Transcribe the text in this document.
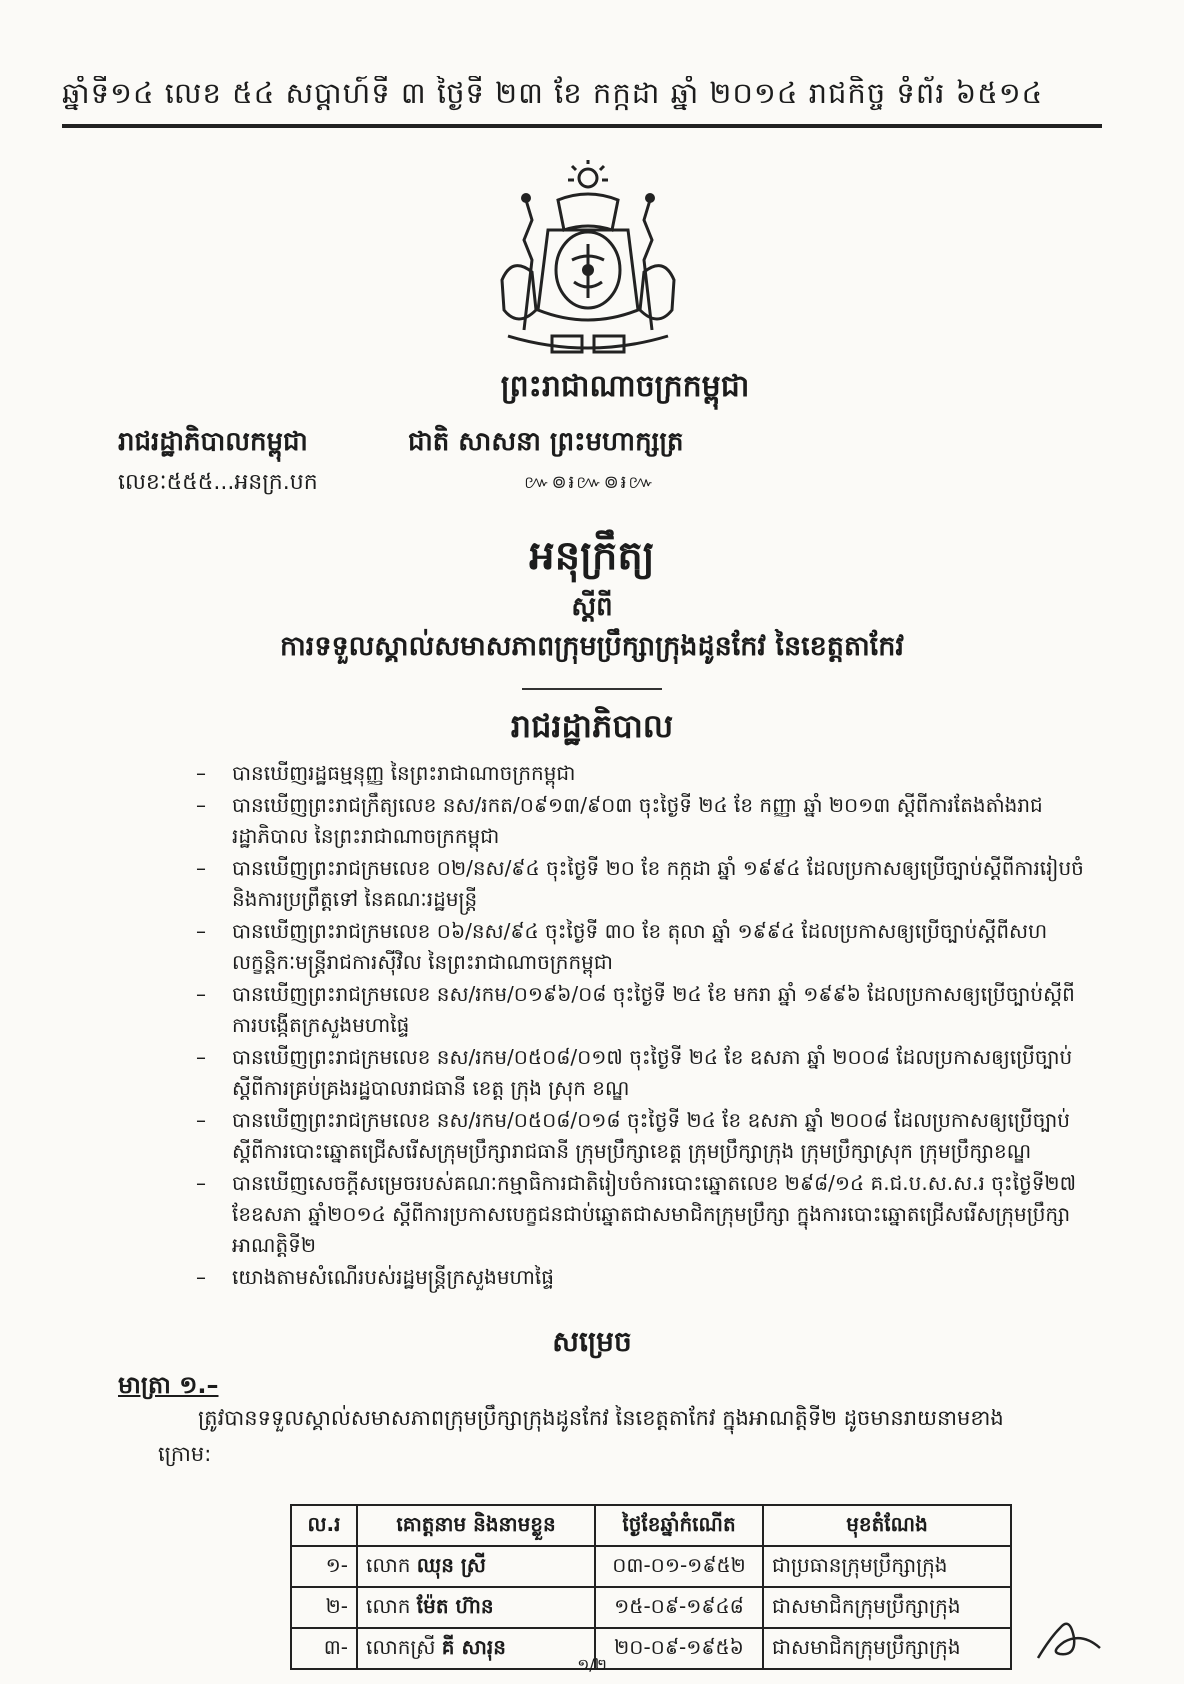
ឆ្នាំទី១៤ លេខ ៥៤ សប្តាហ៍ទី ៣ ថ្ងៃទី ២៣ ខែ កក្កដា ឆ្នាំ ២០១៤ រាជកិច្ច ទំព័រ ៦៥១៤
ព្រះរាជាណាចក្រកម្ពុជា
រាជរដ្ឋាភិបាលកម្ពុជា	ជាតិ សាសនា ព្រះមហាក្សត្រ
លេខៈ៥៥៥...អនក្រ.បក	៚៙៛៚៙៛៚
អនុក្រឹត្យ
ស្តីពី
ការទទួលស្គាល់សមាសភាពក្រុមប្រឹក្សាក្រុងដូនកែវ នៃខេត្តតាកែវ
រាជរដ្ឋាភិបាល
– បានឃើញរដ្ឋធម្មនុញ្ញ នៃព្រះរាជាណាចក្រកម្ពុជា
– បានឃើញព្រះរាជក្រឹត្យលេខ នស/រកត/០៩១៣/៩០៣ ចុះថ្ងៃទី ២៤ ខែ កញ្ញា ឆ្នាំ ២០១៣ ស្តីពីការតែងតាំងរាជរដ្ឋាភិបាល នៃព្រះរាជាណាចក្រកម្ពុជា
– បានឃើញព្រះរាជក្រមលេខ ០២/នស/៩៤ ចុះថ្ងៃទី ២០ ខែ កក្កដា ឆ្នាំ ១៩៩៤ ដែលប្រកាសឲ្យប្រើច្បាប់ស្តីពីការរៀបចំ និងការប្រព្រឹត្តទៅ នៃគណៈរដ្ឋមន្ត្រី
– បានឃើញព្រះរាជក្រមលេខ ០៦/នស/៩៤ ចុះថ្ងៃទី ៣០ ខែ តុលា ឆ្នាំ ១៩៩៤ ដែលប្រកាសឲ្យប្រើច្បាប់ស្តីពីសហលក្ខន្តិកៈមន្ត្រីរាជការស៊ីវិល នៃព្រះរាជាណាចក្រកម្ពុជា
– បានឃើញព្រះរាជក្រមលេខ នស/រកម/០១៩៦/០៨ ចុះថ្ងៃទី ២៤ ខែ មករា ឆ្នាំ ១៩៩៦ ដែលប្រកាសឲ្យប្រើច្បាប់ស្តីពីការបង្កើតក្រសួងមហាផ្ទៃ
– បានឃើញព្រះរាជក្រមលេខ នស/រកម/០៥០៨/០១៧ ចុះថ្ងៃទី ២៤ ខែ ឧសភា ឆ្នាំ ២០០៨ ដែលប្រកាសឲ្យប្រើច្បាប់ស្តីពីការគ្រប់គ្រងរដ្ឋបាលរាជធានី ខេត្ត ក្រុង ស្រុក ខណ្ឌ
– បានឃើញព្រះរាជក្រមលេខ នស/រកម/០៥០៨/០១៨ ចុះថ្ងៃទី ២៤ ខែ ឧសភា ឆ្នាំ ២០០៨ ដែលប្រកាសឲ្យប្រើច្បាប់ស្តីពីការបោះឆ្នោតជ្រើសរើសក្រុមប្រឹក្សារាជធានី ក្រុមប្រឹក្សាខេត្ត ក្រុមប្រឹក្សាក្រុង ក្រុមប្រឹក្សាស្រុក ក្រុមប្រឹក្សាខណ្ឌ
– បានឃើញសេចក្តីសម្រេចរបស់គណៈកម្មាធិការជាតិរៀបចំការបោះឆ្នោតលេខ ២៩៨/១៤ គ.ជ.ប.ស.ស.រ ចុះថ្ងៃទី២៧ ខែឧសភា ឆ្នាំ២០១៤ ស្តីពីការប្រកាសបេក្ខជនជាប់ឆ្នោតជាសមាជិកក្រុមប្រឹក្សា ក្នុងការបោះឆ្នោតជ្រើសរើសក្រុមប្រឹក្សា អាណត្តិទី២
– យោងតាមសំណើរបស់រដ្ឋមន្ត្រីក្រសួងមហាផ្ទៃ
សម្រេច
មាត្រា ១.–
ត្រូវបានទទួលស្គាល់សមាសភាពក្រុមប្រឹក្សាក្រុងដូនកែវ នៃខេត្តតាកែវ ក្នុងអាណត្តិទី២ ដូចមានរាយនាមខាងក្រោម:
ល.រ	គោត្តនាម និងនាមខ្លួន	ថ្ងៃខែឆ្នាំកំណើត	មុខតំណែង
១-	លោក ឈុន ស្រី	០៣-០១-១៩៥២	ជាប្រធានក្រុមប្រឹក្សាក្រុង
២-	លោក ម៉ែត ហ៊ាន	១៥-០៩-១៩៤៨	ជាសមាជិកក្រុមប្រឹក្សាក្រុង
៣-	លោកស្រី គី សារុន	២០-០៩-១៩៥៦	ជាសមាជិកក្រុមប្រឹក្សាក្រុង
១/២
